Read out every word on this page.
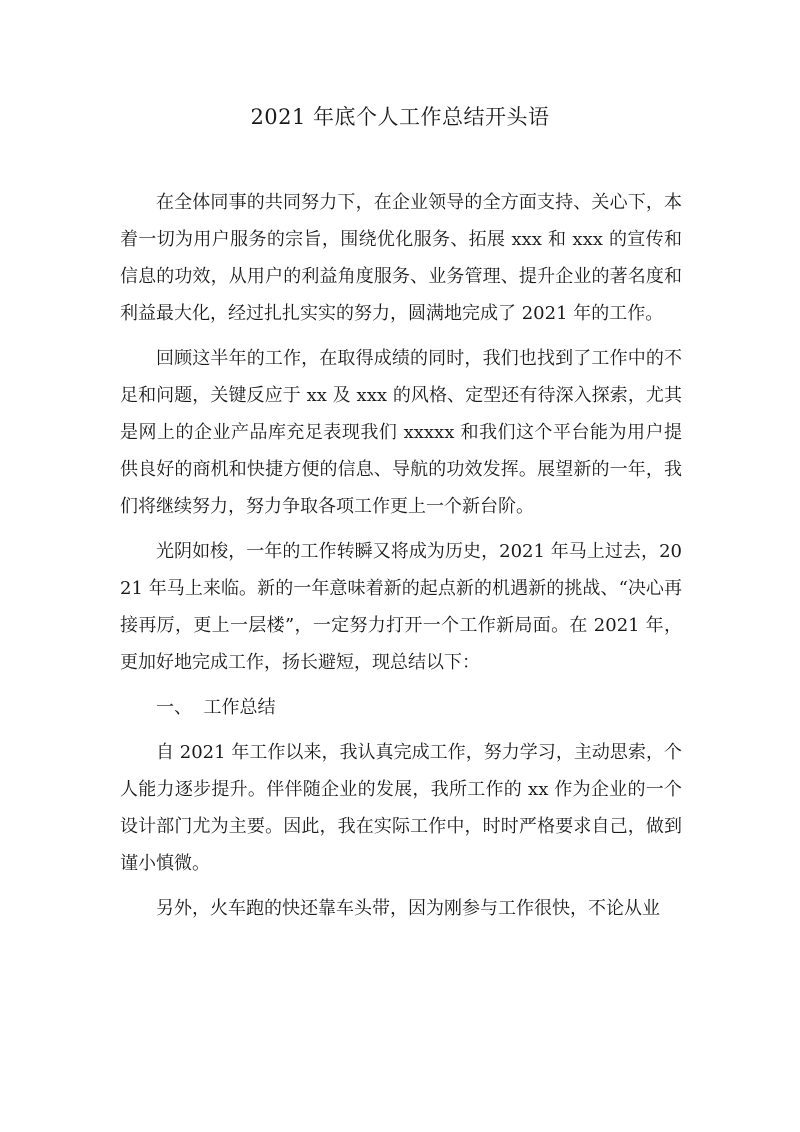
2021 年底个人工作总结开头语

在全体同事的共同努力下，在企业领导的全方面支持、关心下，本着一切为用户服务的宗旨，围绕优化服务、拓展 xxx 和 xxx 的宣传和信息的功效，从用户的利益角度服务、业务管理、提升企业的著名度和利益最大化，经过扎扎实实的努力，圆满地完成了 2021 年的工作。

回顾这半年的工作，在取得成绩的同时，我们也找到了工作中的不足和问题，关键反应于 xx 及 xxx 的风格、定型还有待深入探索，尤其是网上的企业产品库充足表现我们 xxxxx 和我们这个平台能为用户提供良好的商机和快捷方便的信息、导航的功效发挥。展望新的一年，我们将继续努力，努力争取各项工作更上一个新台阶。

光阴如梭，一年的工作转瞬又将成为历史，2021 年马上过去，2021 年马上来临。新的一年意味着新的起点新的机遇新的挑战、“决心再接再厉，更上一层楼”，一定努力打开一个工作新局面。在 2021 年，更加好地完成工作，扬长避短，现总结以下：

一、  工作总结

自 2021 年工作以来，我认真完成工作，努力学习，主动思索，个人能力逐步提升。伴伴随企业的发展，我所工作的 xx 作为企业的一个设计部门尤为主要。因此，我在实际工作中，时时严格要求自己，做到谨小慎微。

另外，火车跑的快还靠车头带，因为刚参与工作很快，不论从业
